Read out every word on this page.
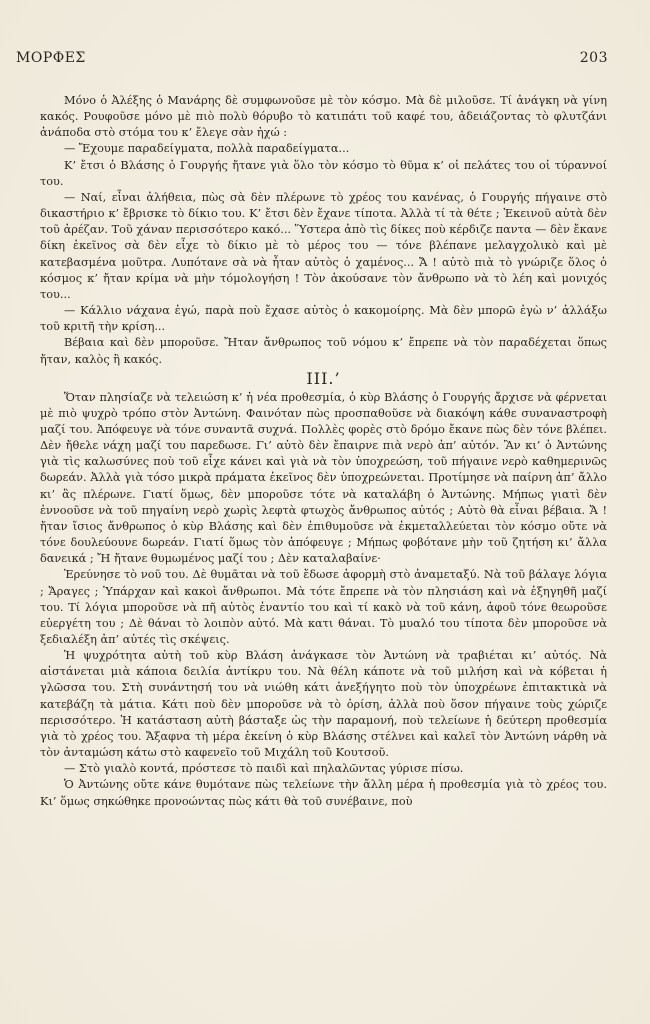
ΜΟΡΦΕΣ	203

Μόνο ὁ Ἀλέξης ὁ Μανάρης δὲ συμφωνοῦσε μὲ τὸν κόσμο. Μὰ δὲ μιλοῦσε. Τί ἀνάγκη νὰ γίνη κακός. Ρουφοῦσε μόνο μὲ πιὸ πολὺ θόρυβο τὸ κατιπάτι τοῦ καφέ του, ἀδειάζοντας τὸ φλυτζάνι ἀνάποδα στὸ στόμα του κ’ ἔλεγε σὰν ἠχώ :

— Ἔχουμε παραδείγματα, πολλὰ παραδείγματα...

Κ’ ἔτσι ὁ Βλάσης ὁ Γουργής ἤτανε γιὰ ὅλο τὸν κόσμο τὸ θῦμα κ’ οἱ πελάτες του οἱ τύραννοί του.

— Ναί, εἶναι ἀλήθεια, πὼς σὰ δὲν πλέρωνε τὸ χρέος του κανένας, ὁ Γουργής πήγαινε στὸ δικαστήριο κ’ ἔβρισκε τὸ δίκιο του. Κ’ ἔτσι δὲν ἔχανε τίποτα. Ἀλλὰ τί τὰ θέτε ; Ἐκεινοῦ αὐτὰ δὲν τοῦ ἀρέζαν. Τοῦ χάναν περισσότερο κακό... Ὕστερα ἀπὸ τὶς δίκες ποὺ κέρδιζε παντα — δὲν ἔκανε δίκη ἐκεῖνος σὰ δὲν εἶχε τὸ δίκιο μὲ τὸ μέρος του — τόνε βλέπανε μελαγχολικὸ καὶ μὲ κατεβασμένα μοῦτρα. Λυπότανε σὰ νὰ ἦταν αὐτὸς ὁ χαμένος... Ἄ ! αὐτὸ πιὰ τὸ γνώριζε ὅλος ὁ κόσμος κ’ ἤταν κρίμα νὰ μὴν τόμολογήση ! Τὸν ἀκούσανε τὸν ἄνθρωπο νὰ τὸ λέη καὶ μονιχός του...

— Κάλλιο νάχανα ἐγώ, παρὰ ποὺ ἔχασε αὐτὸς ὁ κακομοίρης. Μὰ δὲν μπορῶ ἐγὼ ν’ ἀλλάξω τοῦ κριτῆ τὴν κρίση...

Βέβαια καὶ δὲν μποροῦσε. Ἤταν ἄνθρωπος τοῦ νόμου κ’ ἔπρεπε νὰ τὸν παραδέχεται ὅπως ἤταν, καλὸς ἢ κακός.

III.’

Ὅταν πλησίαζε νὰ τελειώση κ’ ἡ νέα προθεσμία, ὁ κὺρ Βλάσης ὁ Γουργής ἄρχισε νὰ φέρνεται μὲ πιὸ ψυχρὸ τρόπο στὸν Ἀντώνη. Φαινόταν πὼς προσπαθοῦσε νὰ διακόψη κάθε συναναστροφὴ μαζί του. Ἀπόφευγε νὰ τόνε συναντᾶ συχνά. Πολλὲς φορὲς στὸ δρόμο ἔκανε πὼς δὲν τόνε βλέπει. Δὲν ἤθελε νάχη μαζί του παρεδωσε. Γι’ αὐτὸ δὲν ἔπαιρνε πιὰ νερὸ ἀπ’ αὐτόν. Ἂν κι’ ὁ Ἀντώνης γιὰ τὶς καλωσύνες ποὺ τοῦ εἶχε κάνει καὶ γιὰ νὰ τὸν ὑποχρεώση, τοῦ πήγαινε νερὸ καθημερινῶς δωρεάν. Ἀλλὰ γιὰ τόσο μικρὰ πράματα ἐκεῖνος δὲν ὑποχρεώνεται. Προτίμησε νὰ παίρνη ἀπ’ ἄλλο κι’ ἂς πλέρωνε. Γιατί ὅμως, δὲν μποροῦσε τότε νὰ καταλάβη ὁ Ἀντώνης. Μήπως γιατὶ δὲν ἐννοοῦσε νὰ τοῦ πηγαίνη νερὸ χωρὶς λεφτὰ φτωχὸς ἄνθρωπος αὐτός ; Αὐτὸ θὰ εἶναι βέβαια. Ἄ ! ἤταν ἴσιος ἄνθρωπος ὁ κὺρ Βλάσης καὶ δὲν ἐπιθυμοῦσε νὰ ἐκμεταλλεύεται τὸν κόσμο οὔτε νὰ τόνε δουλεύουνε δωρεάν. Γιατί ὅμως τὸν ἀπόφευγε ; Μήπως φοβότανε μὴν τοῦ ζητήση κι’ ἄλλα δανεικά ; Ἤ ἤτανε θυμωμένος μαζί του ; Δὲν καταλαβαίνε·

Ἐρεύνησε τὸ νοῦ του. Δὲ θυμᾶται νὰ τοῦ ἔδωσε ἀφορμὴ στὸ ἀναμεταξύ. Νὰ τοῦ βάλαγε λόγια ; Ἄραγες ; Ὑπάρχαν καὶ κακοὶ ἄνθρωποι. Μὰ τότε ἔπρεπε νὰ τὸν πλησιάση καὶ νὰ ἐξηγηθῆ μαζί του. Τί λόγια μποροῦσε νὰ πῆ αὐτὸς ἐναντίο του καὶ τί κακὸ νὰ τοῦ κάνη, ἀφοῦ τόνε θεωροῦσε εὐεργέτη του ; Δὲ θάναι τὸ λοιπὸν αὐτό. Μὰ κατι θάναι. Τὸ μυαλό του τίποτα δὲν μποροῦσε νὰ ξεδιαλέξη ἀπ’ αὐτές τὶς σκέψεις.

Ἡ ψυχρότητα αὐτὴ τοῦ κὺρ Βλάση ἀνάγκασε τὸν Ἀντώνη νὰ τραβιέται κι’ αὐτός. Νὰ αἰστάνεται μιὰ κάποια δειλία ἀντίκρυ του. Νὰ θέλη κάποτε νὰ τοῦ μιλήση καὶ νὰ κόβεται ἡ γλῶσσα του. Στὴ συνάντησή του νὰ νιώθη κάτι ἀνεξήγητο ποὺ τὸν ὑποχρέωνε ἐπιτακτικὰ νὰ κατεβάζη τὰ μάτια. Κάτι ποὺ δὲν μποροῦσε νὰ τὸ ὁρίση, ἀλλὰ ποὺ ὅσον πήγαινε τοὺς χώριζε περισσότερο. Ἡ κατάσταση αὐτὴ βάσταξε ὡς τὴν παραμονή, ποὺ τελείωνε ἡ δεύτερη προθεσμία γιὰ τὸ χρέος του. Ἄξαφνα τὴ μέρα ἐκείνη ὁ κὺρ Βλάσης στέλνει καὶ καλεῖ τὸν Ἀντώνη νάρθη νὰ τὸν ἀνταμώση κάτω στὸ καφενεῖο τοῦ Μιχάλη τοῦ Κουτσοῦ.

— Στὸ γιαλὸ κοντά, πρόστεσε τὸ παιδὶ καὶ πηλαλῶντας γύρισε πίσω.

Ὁ Ἀντώνης οὔτε κάνε θυμότανε πὼς τελείωνε τὴν ἄλλη μέρα ἡ προθεσμία γιὰ τὸ χρέος του. Κι’ ὅμως σηκώθηκε προνοώντας πὼς κάτι θὰ τοῦ συνέβαινε, ποὺ
